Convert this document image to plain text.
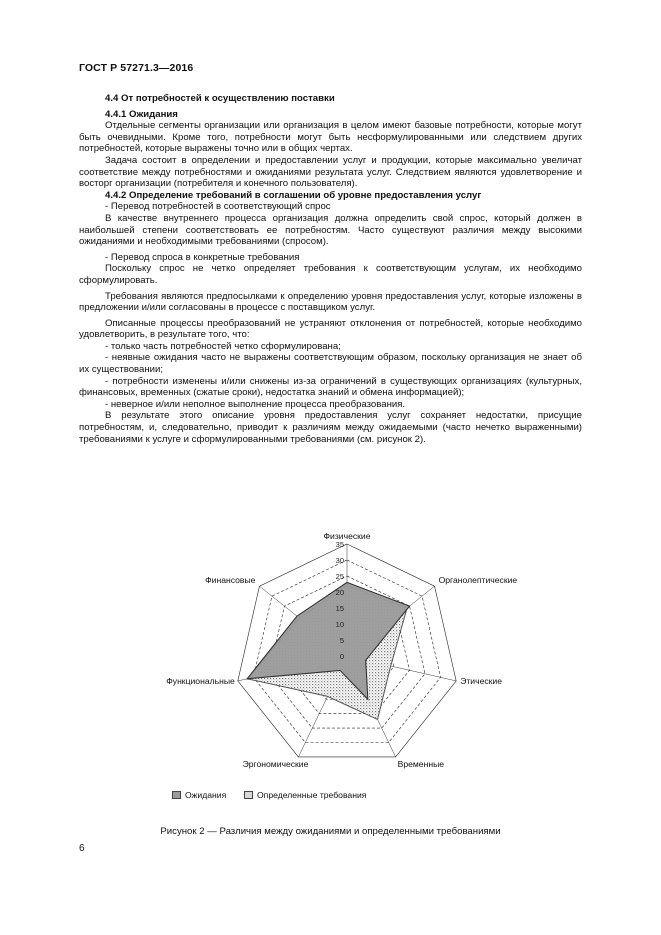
ГОСТ Р 57271.3—2016

4.4 От потребностей к осуществлению поставки

4.4.1 Ожидания

Отдельные сегменты организации или организация в целом имеют базовые потребности, которые могут быть очевидными. Кроме того, потребности могут быть несформулированными или следствием других потребностей, которые выражены точно или в общих чертах.

Задача состоит в определении и предоставлении услуг и продукции, которые максимально увеличат соответствие между потребностями и ожиданиями результата услуг. Следствием являются удовлетворение и восторг организации (потребителя и конечного пользователя).

4.4.2 Определение требований в соглашении об уровне предоставления услуг

- Перевод потребностей в соответствующий спрос

В качестве внутреннего процесса организация должна определить свой спрос, который должен в наибольшей степени соответствовать ее потребностям. Часто существуют различия между высокими ожиданиями и необходимыми требованиями (спросом).

- Перевод спроса в конкретные требования

Поскольку спрос не четко определяет требования к соответствующим услугам, их необходимо сформулировать.

Требования являются предпосылками к определению уровня предоставления услуг, которые изложены в предложении и/или согласованы в процессе с поставщиком услуг.

Описанные процессы преобразований не устраняют отклонения от потребностей, которые необходимо удовлетворить, в результате того, что:

- только часть потребностей четко сформулирована;

- неявные ожидания часто не выражены соответствующим образом, поскольку организация не знает об их существовании;

- потребности изменены и/или снижены из-за ограничений в существующих организациях (культурных, финансовых, временных (сжатые сроки), недостатка знаний и обмена информацией);

- неверное и/или неполное выполнение процесса преобразования.

В результате этого описание уровня предоставления услуг сохраняет недостатки, присущие потребностям, и, следовательно, приводит к различиям между ожидаемыми (часто нечетко выраженными) требованиями к услуге и сформулированными требованиями (см. рисунок 2).

0
5
10
15
20
25
30
35
Физические
Органолептические
Этические
Временные
Эргономические
Функциональные
Финансовые
Ожидания	Определенные требования
Рисунок 2 — Различия между ожиданиями и определенными требованиями
6
